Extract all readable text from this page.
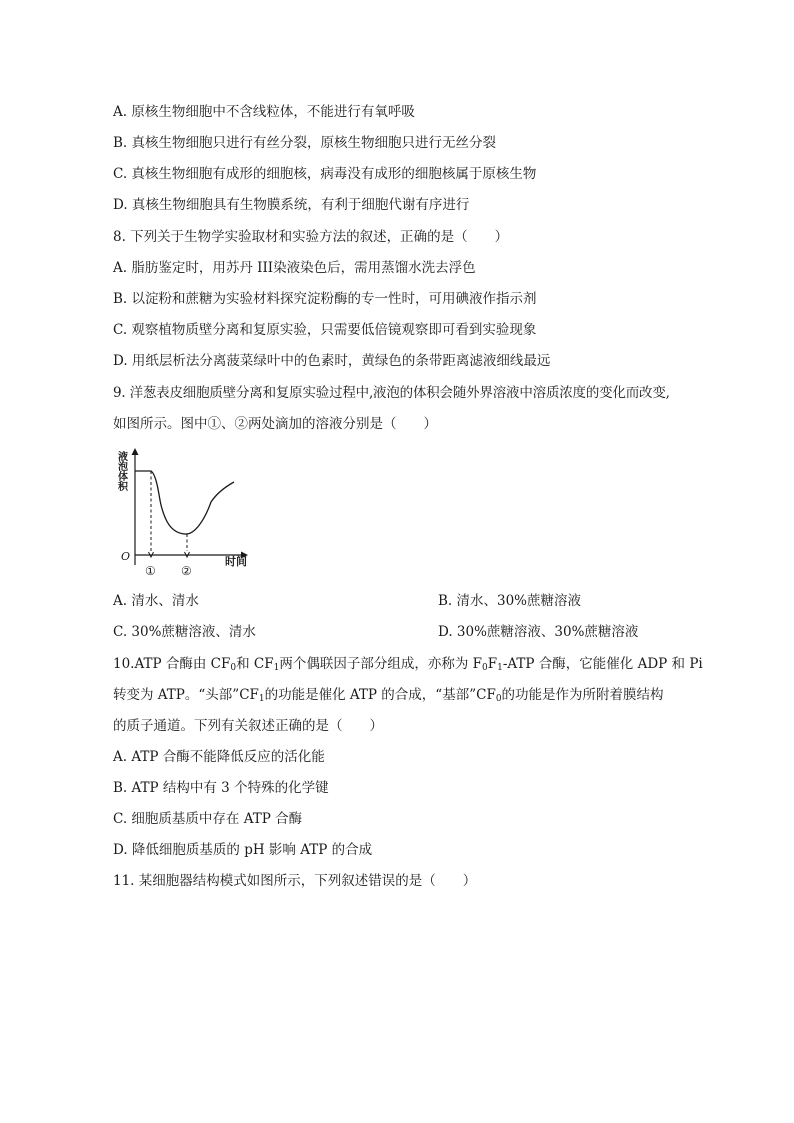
A. 原核生物细胞中不含线粒体，不能进行有氧呼吸
B. 真核生物细胞只进行有丝分裂，原核生物细胞只进行无丝分裂
C. 真核生物细胞有成形的细胞核，病毒没有成形的细胞核属于原核生物
D. 真核生物细胞具有生物膜系统，有利于细胞代谢有序进行
8. 下列关于生物学实验取材和实验方法的叙述，正确的是（　　）
A. 脂肪鉴定时，用苏丹 III染液染色后，需用蒸馏水洗去浮色
B. 以淀粉和蔗糖为实验材料探究淀粉酶的专一性时，可用碘液作指示剂
C. 观察植物质壁分离和复原实验，只需要低倍镜观察即可看到实验现象
D. 用纸层析法分离菠菜绿叶中的色素时，黄绿色的条带距离滤液细线最远
9. 洋葱表皮细胞质壁分离和复原实验过程中,液泡的体积会随外界溶液中溶质浓度的变化而改变,
如图所示。图中①、②两处滴加的溶液分别是（　　）
液泡体积
O	时间
① ②
A. 清水、清水	B. 清水、30%蔗糖溶液
C. 30%蔗糖溶液、清水	D. 30%蔗糖溶液、30%蔗糖溶液
10.ATP 合酶由 $CF_0$和 $CF_1$两个偶联因子部分组成，亦称为 $F_0F_1$-ATP 合酶，它能催化 ADP 和 Pi
转变为 ATP。“头部$”CF_1$的功能是催化 ATP 的合成，“基部$”CF_0$的功能是作为所附着膜结构
的质子通道。下列有关叙述正确的是（　　）
A. ATP 合酶不能降低反应的活化能
B. ATP 结构中有 3 个特殊的化学键
C. 细胞质基质中存在 ATP 合酶
D. 降低细胞质基质的 pH 影响 ATP 的合成
11. 某细胞器结构模式如图所示，下列叙述错误的是（　　）
